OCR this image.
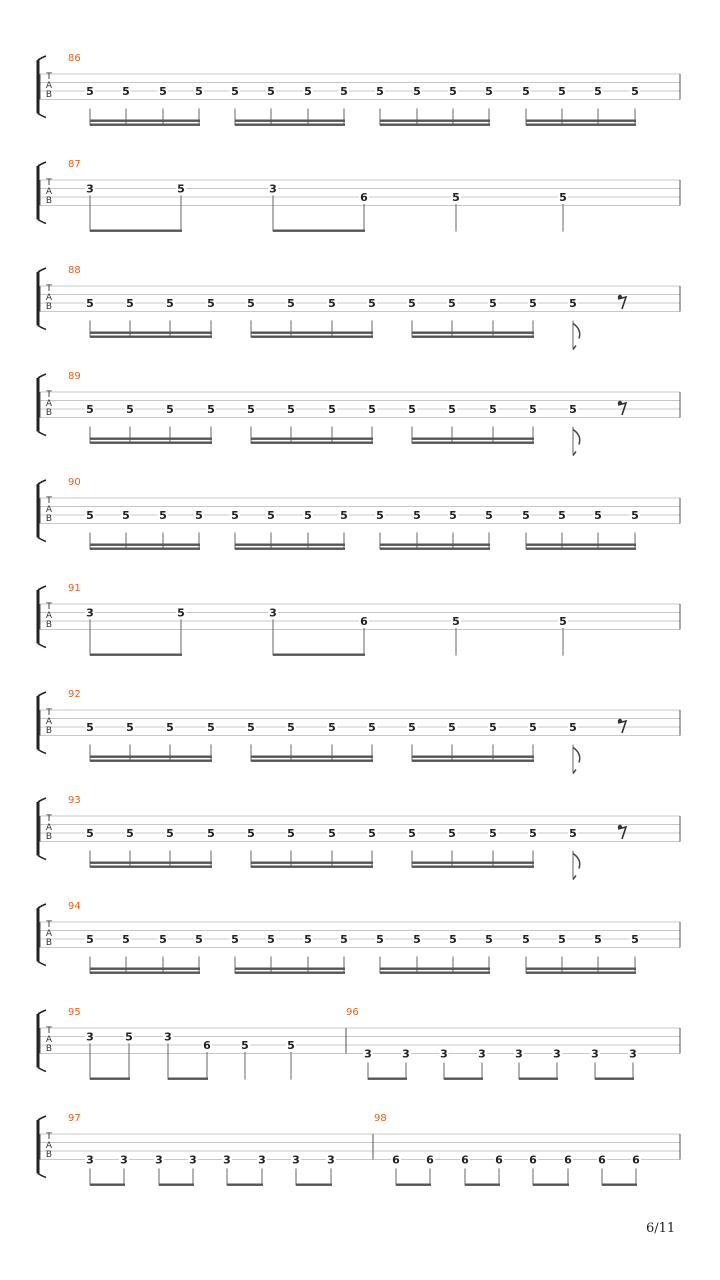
T
A
B
86
5	5	5	5	5	5	5	5	5	5	5	5	5	5	5	5
T
A
B
87
3	5	3
6	5	5
T
A
B
88
5	5	5	5	5	5	5	5	5	5	5	5	5
T
A
B
89
5	5	5	5	5	5	5	5	5	5	5	5	5
T
A
B
90
5	5	5	5	5	5	5	5	5	5	5	5	5	5	5	5
T
A
B
91
3	5	3
6	5	5
T
A
B
92
5	5	5	5	5	5	5	5	5	5	5	5	5
T
A
B
93
5	5	5	5	5	5	5	5	5	5	5	5	5
T
A
B
94
5	5	5	5	5	5	5	5	5	5	5	5	5	5	5	5
T
A
B
95
3	5	3
6	5	5
96
3	3	3	3	3	3	3	3
T
A
B
97
3 3 3 3 3 3 3 3
98
6 6 6 6 6 6 6 6
6/11
